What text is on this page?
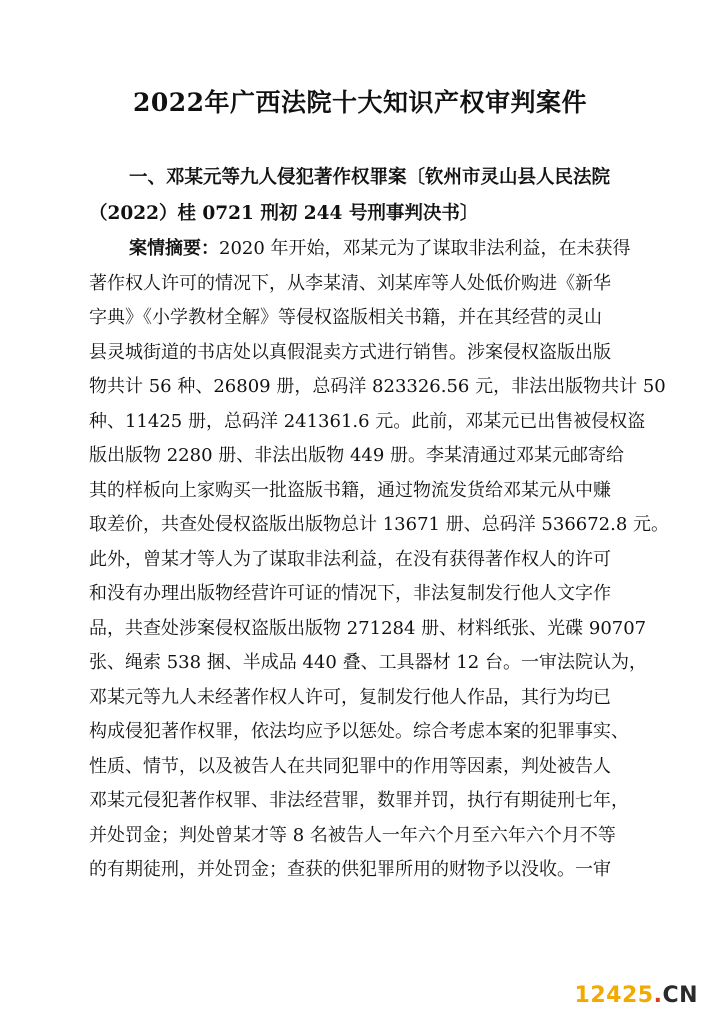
2022年广西法院十大知识产权审判案件
一、邓某元等九人侵犯著作权罪案〔钦州市灵山县人民法院
（2022）桂 0721 刑初 244 号刑事判决书〕
案情摘要：2020 年开始，邓某元为了谋取非法利益，在未获得
著作权人许可的情况下，从李某清、刘某库等人处低价购进《新华
字典》《小学教材全解》等侵权盗版相关书籍，并在其经营的灵山
县灵城街道的书店处以真假混卖方式进行销售。涉案侵权盗版出版
物共计 56 种、26809 册，总码洋 823326.56 元，非法出版物共计 50
种、11425 册，总码洋 241361.6 元。此前，邓某元已出售被侵权盗
版出版物 2280 册、非法出版物 449 册。李某清通过邓某元邮寄给
其的样板向上家购买一批盗版书籍，通过物流发货给邓某元从中赚
取差价，共查处侵权盗版出版物总计 13671 册、总码洋 536672.8 元。
此外，曾某才等人为了谋取非法利益，在没有获得著作权人的许可
和没有办理出版物经营许可证的情况下，非法复制发行他人文字作
品，共查处涉案侵权盗版出版物 271284 册、材料纸张、光碟 90707
张、绳索 538 捆、半成品 440 叠、工具器材 12 台。一审法院认为，
邓某元等九人未经著作权人许可，复制发行他人作品，其行为均已
构成侵犯著作权罪，依法均应予以惩处。综合考虑本案的犯罪事实、
性质、情节，以及被告人在共同犯罪中的作用等因素，判处被告人
邓某元侵犯著作权罪、非法经营罪，数罪并罚，执行有期徒刑七年，
并处罚金；判处曾某才等 8 名被告人一年六个月至六年六个月不等
的有期徒刑，并处罚金；查获的供犯罪所用的财物予以没收。一审
12425.CN
